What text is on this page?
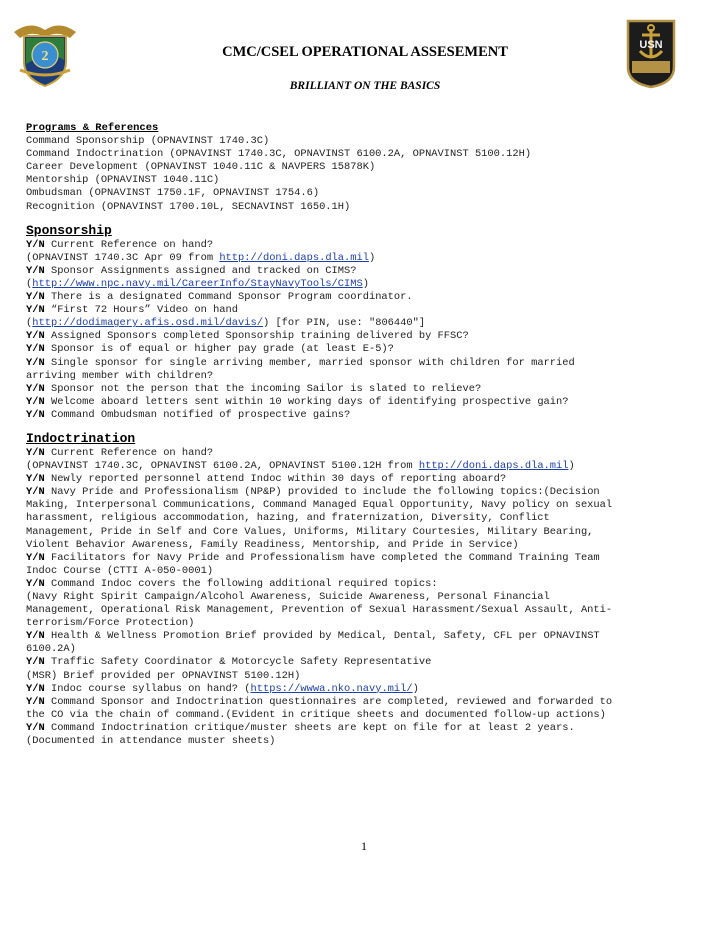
2
USN
CMC/CSEL OPERATIONAL ASSESEMENT
BRILLIANT ON THE BASICS
Programs & References
Command Sponsorship (OPNAVINST 1740.3C)
Command Indoctrination (OPNAVINST 1740.3C, OPNAVINST 6100.2A, OPNAVINST 5100.12H)
Career Development (OPNAVINST 1040.11C & NAVPERS 15878K)
Mentorship (OPNAVINST 1040.11C)
Ombudsman (OPNAVINST 1750.1F, OPNAVINST 1754.6)
Recognition (OPNAVINST 1700.10L, SECNAVINST 1650.1H)
Sponsorship
Y/N Current Reference on hand?
(OPNAVINST 1740.3C Apr 09 from http://doni.daps.dla.mil)
Y/N Sponsor Assignments assigned and tracked on CIMS?
(http://www.npc.navy.mil/CareerInfo/StayNavyTools/CIMS)
Y/N There is a designated Command Sponsor Program coordinator.
Y/N “First 72 Hours” Video on hand
(http://dodimagery.afis.osd.mil/davis/) [for PIN, use: "806440"]
Y/N Assigned Sponsors completed Sponsorship training delivered by FFSC?
Y/N Sponsor is of equal or higher pay grade (at least E-5)?
Y/N Single sponsor for single arriving member, married sponsor with children for married
arriving member with children?
Y/N Sponsor not the person that the incoming Sailor is slated to relieve?
Y/N Welcome aboard letters sent within 10 working days of identifying prospective gain?
Y/N Command Ombudsman notified of prospective gains?
Indoctrination
Y/N Current Reference on hand?
(OPNAVINST 1740.3C, OPNAVINST 6100.2A, OPNAVINST 5100.12H from http://doni.daps.dla.mil)
Y/N Newly reported personnel attend Indoc within 30 days of reporting aboard?
Y/N Navy Pride and Professionalism (NP&P) provided to include the following topics:(Decision
Making, Interpersonal Communications, Command Managed Equal Opportunity, Navy policy on sexual
harassment, religious accommodation, hazing, and fraternization, Diversity, Conflict
Management, Pride in Self and Core Values, Uniforms, Military Courtesies, Military Bearing,
Violent Behavior Awareness, Family Readiness, Mentorship, and Pride in Service)
Y/N Facilitators for Navy Pride and Professionalism have completed the Command Training Team
Indoc Course (CTTI A-050-0001)
Y/N Command Indoc covers the following additional required topics:
(Navy Right Spirit Campaign/Alcohol Awareness, Suicide Awareness, Personal Financial
Management, Operational Risk Management, Prevention of Sexual Harassment/Sexual Assault, Anti-
terrorism/Force Protection)
Y/N Health & Wellness Promotion Brief provided by Medical, Dental, Safety, CFL per OPNAVINST
6100.2A)
Y/N Traffic Safety Coordinator & Motorcycle Safety Representative
(MSR) Brief provided per OPNAVINST 5100.12H)
Y/N Indoc course syllabus on hand? (https://wwwa.nko.navy.mil/)
Y/N Command Sponsor and Indoctrination questionnaires are completed, reviewed and forwarded to
the CO via the chain of command.(Evident in critique sheets and documented follow-up actions)
Y/N Command Indoctrination critique/muster sheets are kept on file for at least 2 years.
(Documented in attendance muster sheets)
1
